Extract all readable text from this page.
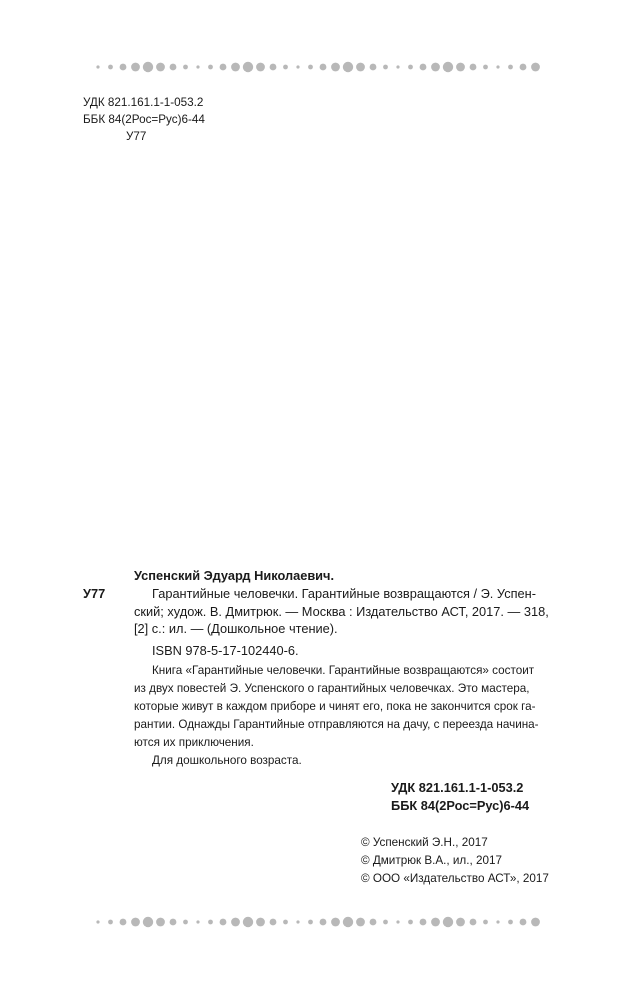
УДК 821.161.1-1-053.2
ББК 84(2Рос=Рус)6-44
У77
Успенский Эдуард Николаевич.
У77	Гарантийные человечки. Гарантийные возвращаются / Э. Успен-
ский; худож. В. Дмитрюк. — Москва : Издательство АСТ, 2017. — 318,
[2] с.: ил. — (Дошкольное чтение).
ISBN 978-5-17-102440-6.
Книга «Гарантийные человечки. Гарантийные возвращаются» состоит
из двух повестей Э. Успенского о гарантийных человечках. Это мастера,
которые живут в каждом приборе и чинят его, пока не закончится срок га-
рантии. Однажды Гарантийные отправляются на дачу, с переезда начина-
ются их приключения.
Для дошкольного возраста.
УДК 821.161.1-1-053.2
ББК 84(2Рос=Рус)6-44
© Успенский Э.Н., 2017
© Дмитрюк В.А., ил., 2017
© ООО «Издательство АСТ», 2017
